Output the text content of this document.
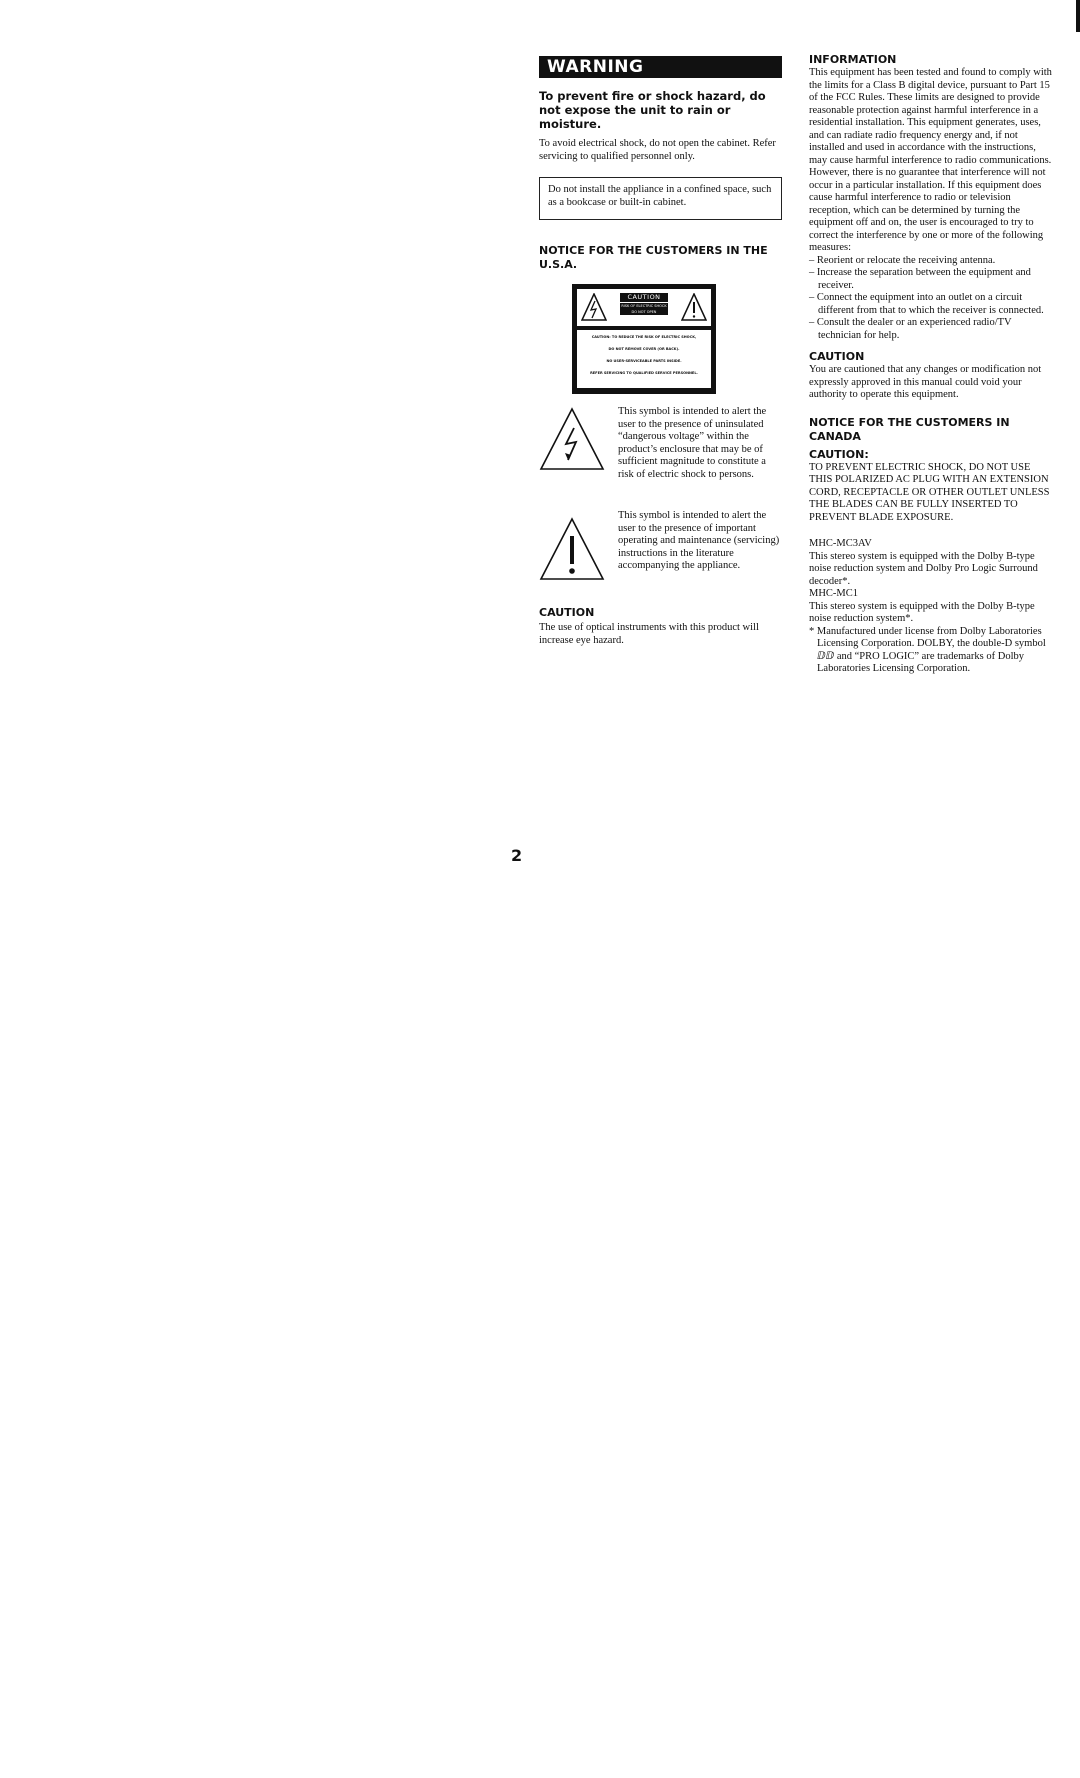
WARNING
To prevent fire or shock hazard, do not expose the unit to rain or moisture.
To avoid electrical shock, do not open the cabinet. Refer servicing to qualified personnel only.
Do not install the appliance in a confined space, such as a bookcase or built-in cabinet.
NOTICE FOR THE CUSTOMERS IN THE U.S.A.
CAUTION
RISK OF ELECTRIC SHOCK
DO NOT OPEN
CAUTION: TO REDUCE THE RISK OF ELECTRIC SHOCK,
DO NOT REMOVE COVER (OR BACK).
NO USER-SERVICEABLE PARTS INSIDE.
REFER SERVICING TO QUALIFIED SERVICE PERSONNEL.
This symbol is intended to alert the user to the presence of uninsulated “dangerous voltage” within the product’s enclosure that may be of sufficient magnitude to constitute a risk of electric shock to persons.
This symbol is intended to alert the user to the presence of important operating and maintenance (servicing) instructions in the literature accompanying the appliance.
CAUTION
The use of optical instruments with this product will increase eye hazard.
INFORMATION
This equipment has been tested and found to comply with the limits for a Class B digital device, pursuant to Part 15 of the FCC Rules. These limits are designed to provide reasonable protection against harmful interference in a residential installation. This equipment generates, uses, and can radiate radio frequency energy and, if not installed and used in accordance with the instructions, may cause harmful interference to radio communications. However, there is no guarantee that interference will not occur in a particular installation. If this equipment does cause harmful interference to radio or television reception, which can be determined by turning the equipment off and on, the user is encouraged to try to correct the interference by one or more of the following measures:
– Reorient or relocate the receiving antenna.
– Increase the separation between the equipment and receiver.
– Connect the equipment into an outlet on a circuit different from that to which the receiver is connected.
– Consult the dealer or an experienced radio/TV technician for help.
CAUTION
You are cautioned that any changes or modification not expressly approved in this manual could void your authority to operate this equipment.
NOTICE FOR THE CUSTOMERS IN CANADA
CAUTION:
TO PREVENT ELECTRIC SHOCK, DO NOT USE THIS POLARIZED AC PLUG WITH AN EXTENSION CORD, RECEPTACLE OR OTHER OUTLET UNLESS THE BLADES CAN BE FULLY INSERTED TO PREVENT BLADE EXPOSURE.
MHC-MC3AV
This stereo system is equipped with the Dolby B-type noise reduction system and Dolby Pro Logic Surround decoder*.
MHC-MC1
This stereo system is equipped with the Dolby B-type noise reduction system*.
* Manufactured under license from Dolby Laboratories Licensing Corporation. DOLBY, the double-D symbol ⅅⅅ and “PRO LOGIC” are trademarks of Dolby Laboratories Licensing Corporation.
2
